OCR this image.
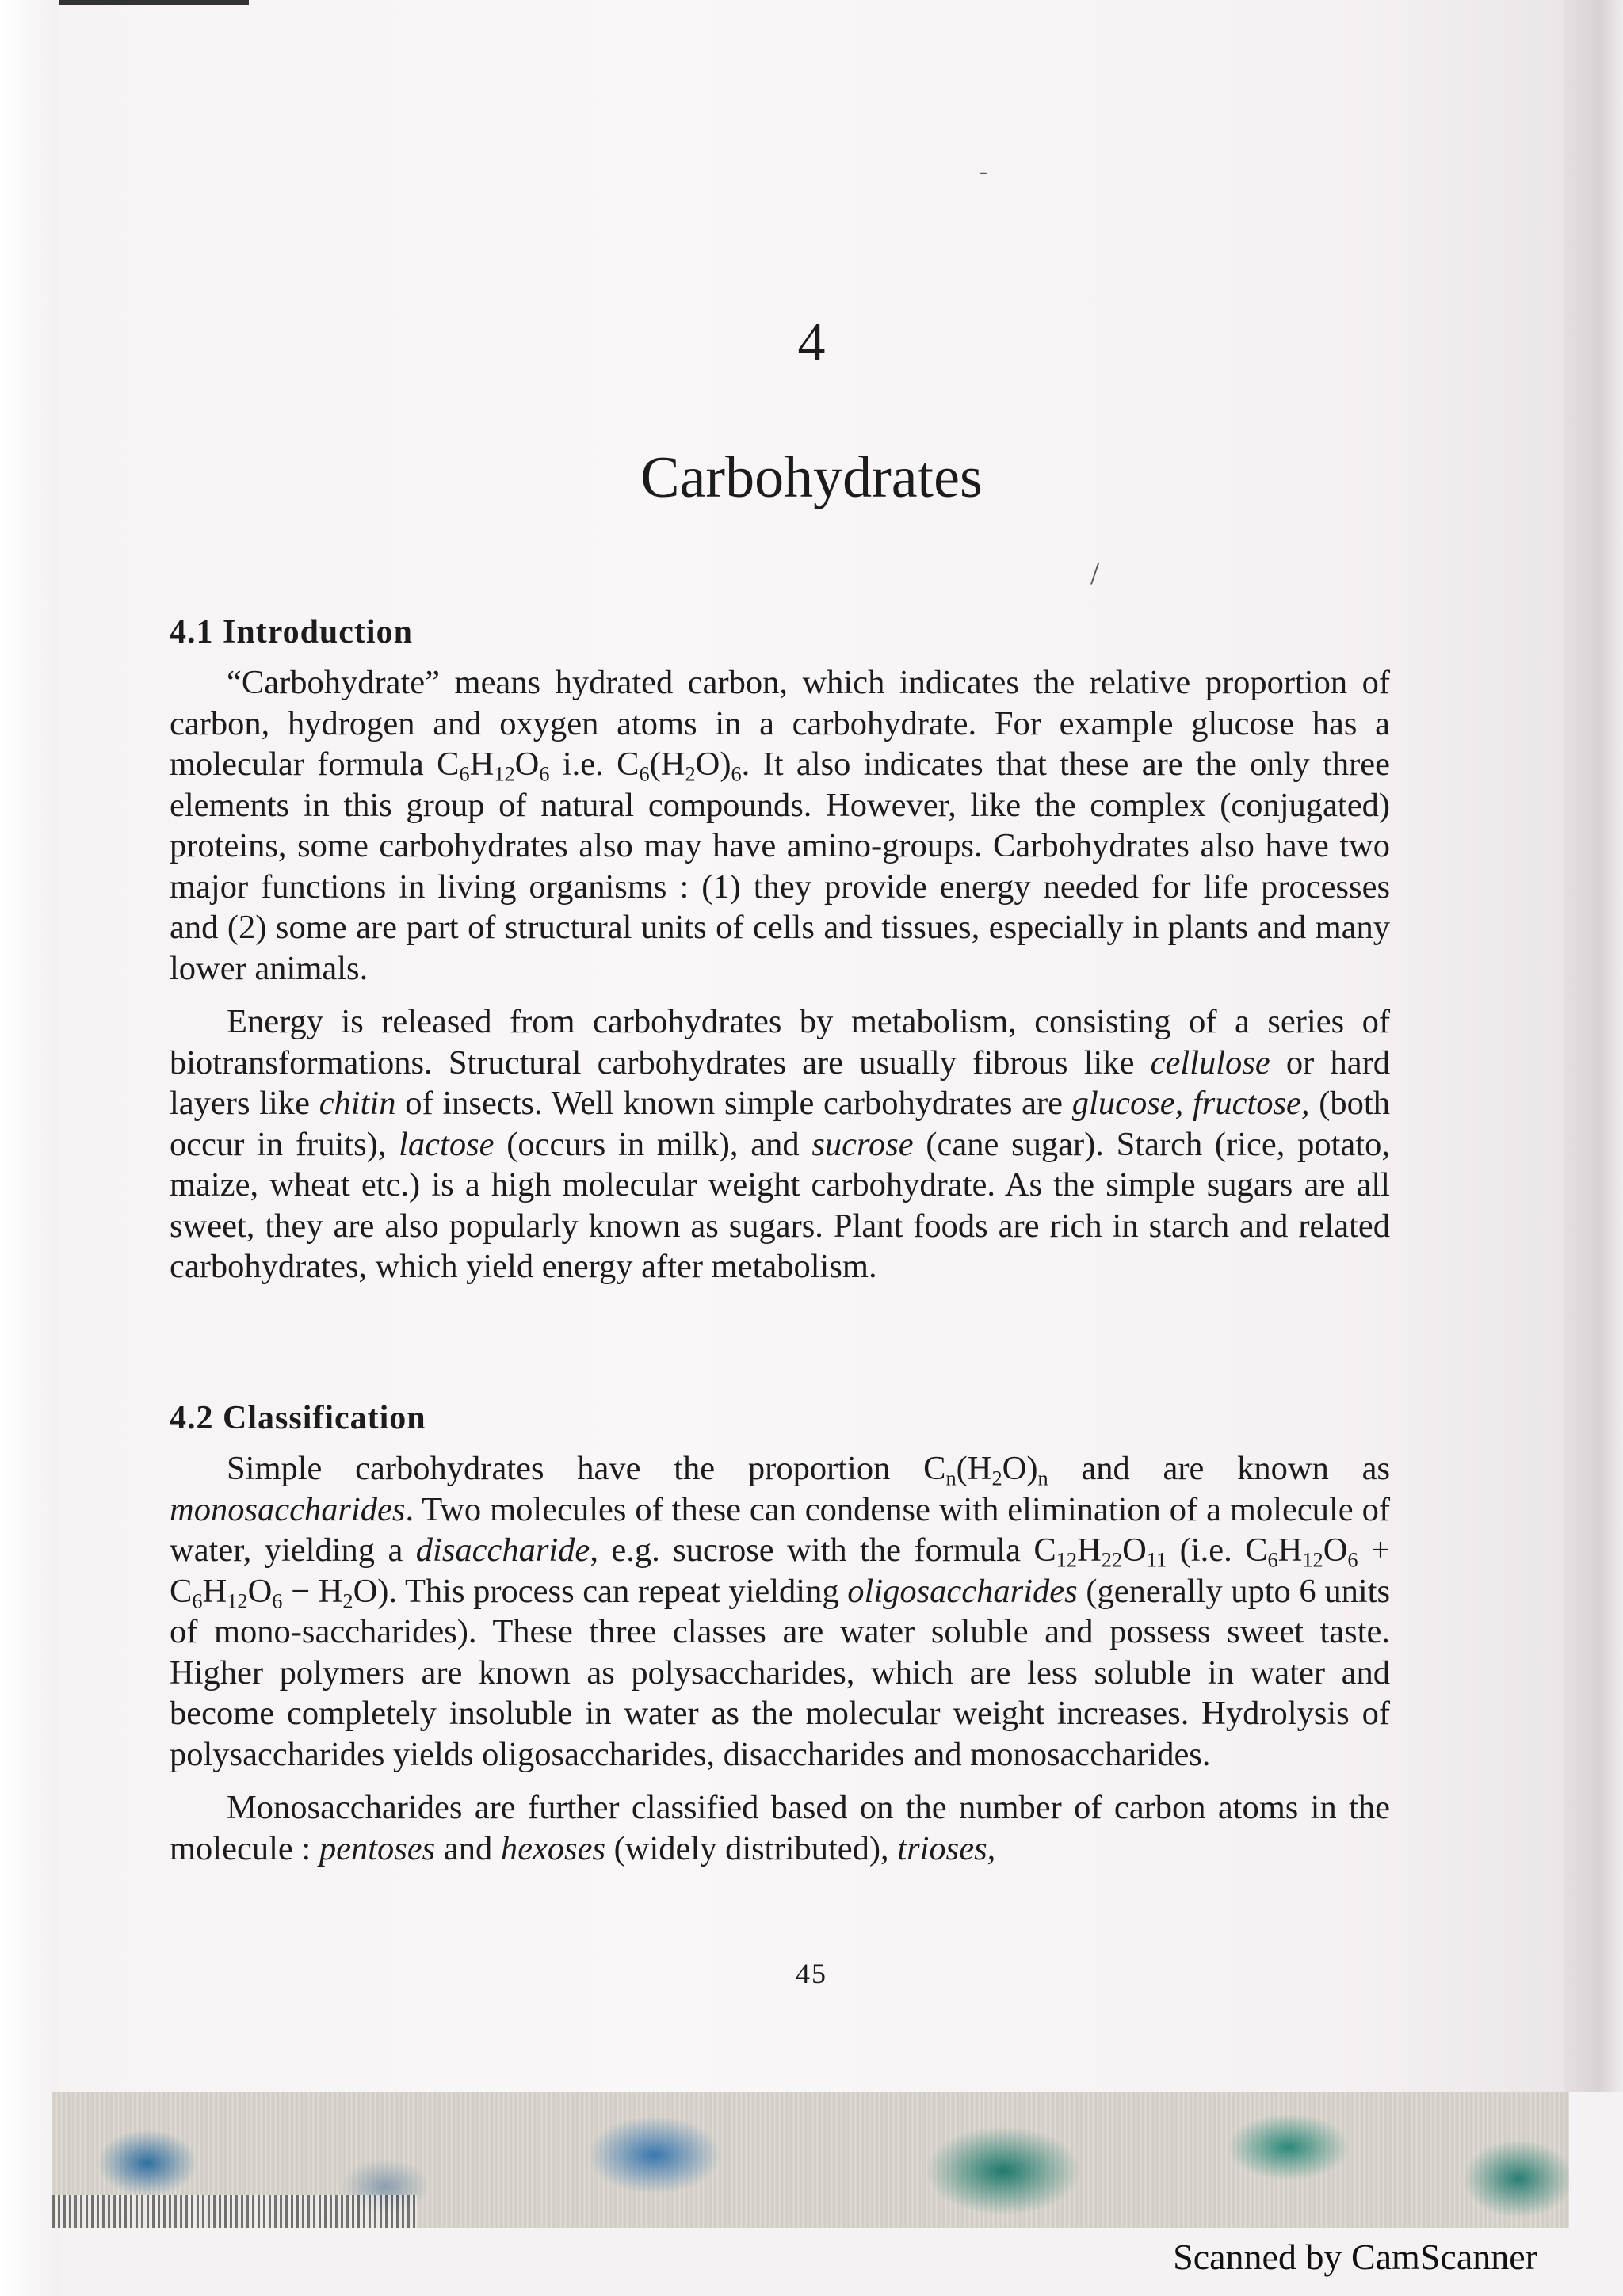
/
-
4
Carbohydrates
4.1 Introduction

“Carbohydrate” means hydrated carbon, which indicates the relative proportion of carbon, hydrogen and oxygen atoms in a carbohydrate. For example glucose has a molecular formula $C_6H_{12}O_6$ i.e. $C_6(H_2O)_6$. It also indicates that these are the only three elements in this group of natural compounds. However, like the complex (conjugated) proteins, some carbohydrates also may have amino-groups. Carbohydrates also have two major functions in living organisms : (1) they provide energy needed for life processes and (2) some are part of structural units of cells and tissues, especially in plants and many lower animals.

Energy is released from carbohydrates by metabolism, consisting of a series of biotransformations. Structural carbohydrates are usually fibrous like cellulose or hard layers like chitin of insects. Well known simple carbohydrates are glucose, fructose, (both occur in fruits), lactose (occurs in milk), and sucrose (cane sugar). Starch (rice, potato, maize, wheat etc.) is a high molecular weight carbohydrate. As the simple sugars are all sweet, they are also popularly known as sugars. Plant foods are rich in starch and related carbohydrates, which yield energy after metabolism.

4.2 Classification

Simple carbohydrates have the proportion $C_n(H_2O)_n$ and are known as monosaccharides. Two molecules of these can condense with elimination of a molecule of water, yielding a disaccharide, e.g. sucrose with the formula $C_{12}H_{22}O_{11}$ (i.e. $C_6H_{12}O_6 + C_6H_{12}O_6 - H_2O$). This process can repeat yielding oligosaccharides (generally upto 6 units of mono-saccharides). These three classes are water soluble and possess sweet taste. Higher polymers are known as polysaccharides, which are less soluble in water and become completely insoluble in water as the molecular weight increases. Hydrolysis of polysaccharides yields oligosaccharides, disaccharides and monosaccharides.

Monosaccharides are further classified based on the number of carbon atoms in the molecule : pentoses and hexoses (widely distributed), trioses,

45
Scanned by CamScanner
